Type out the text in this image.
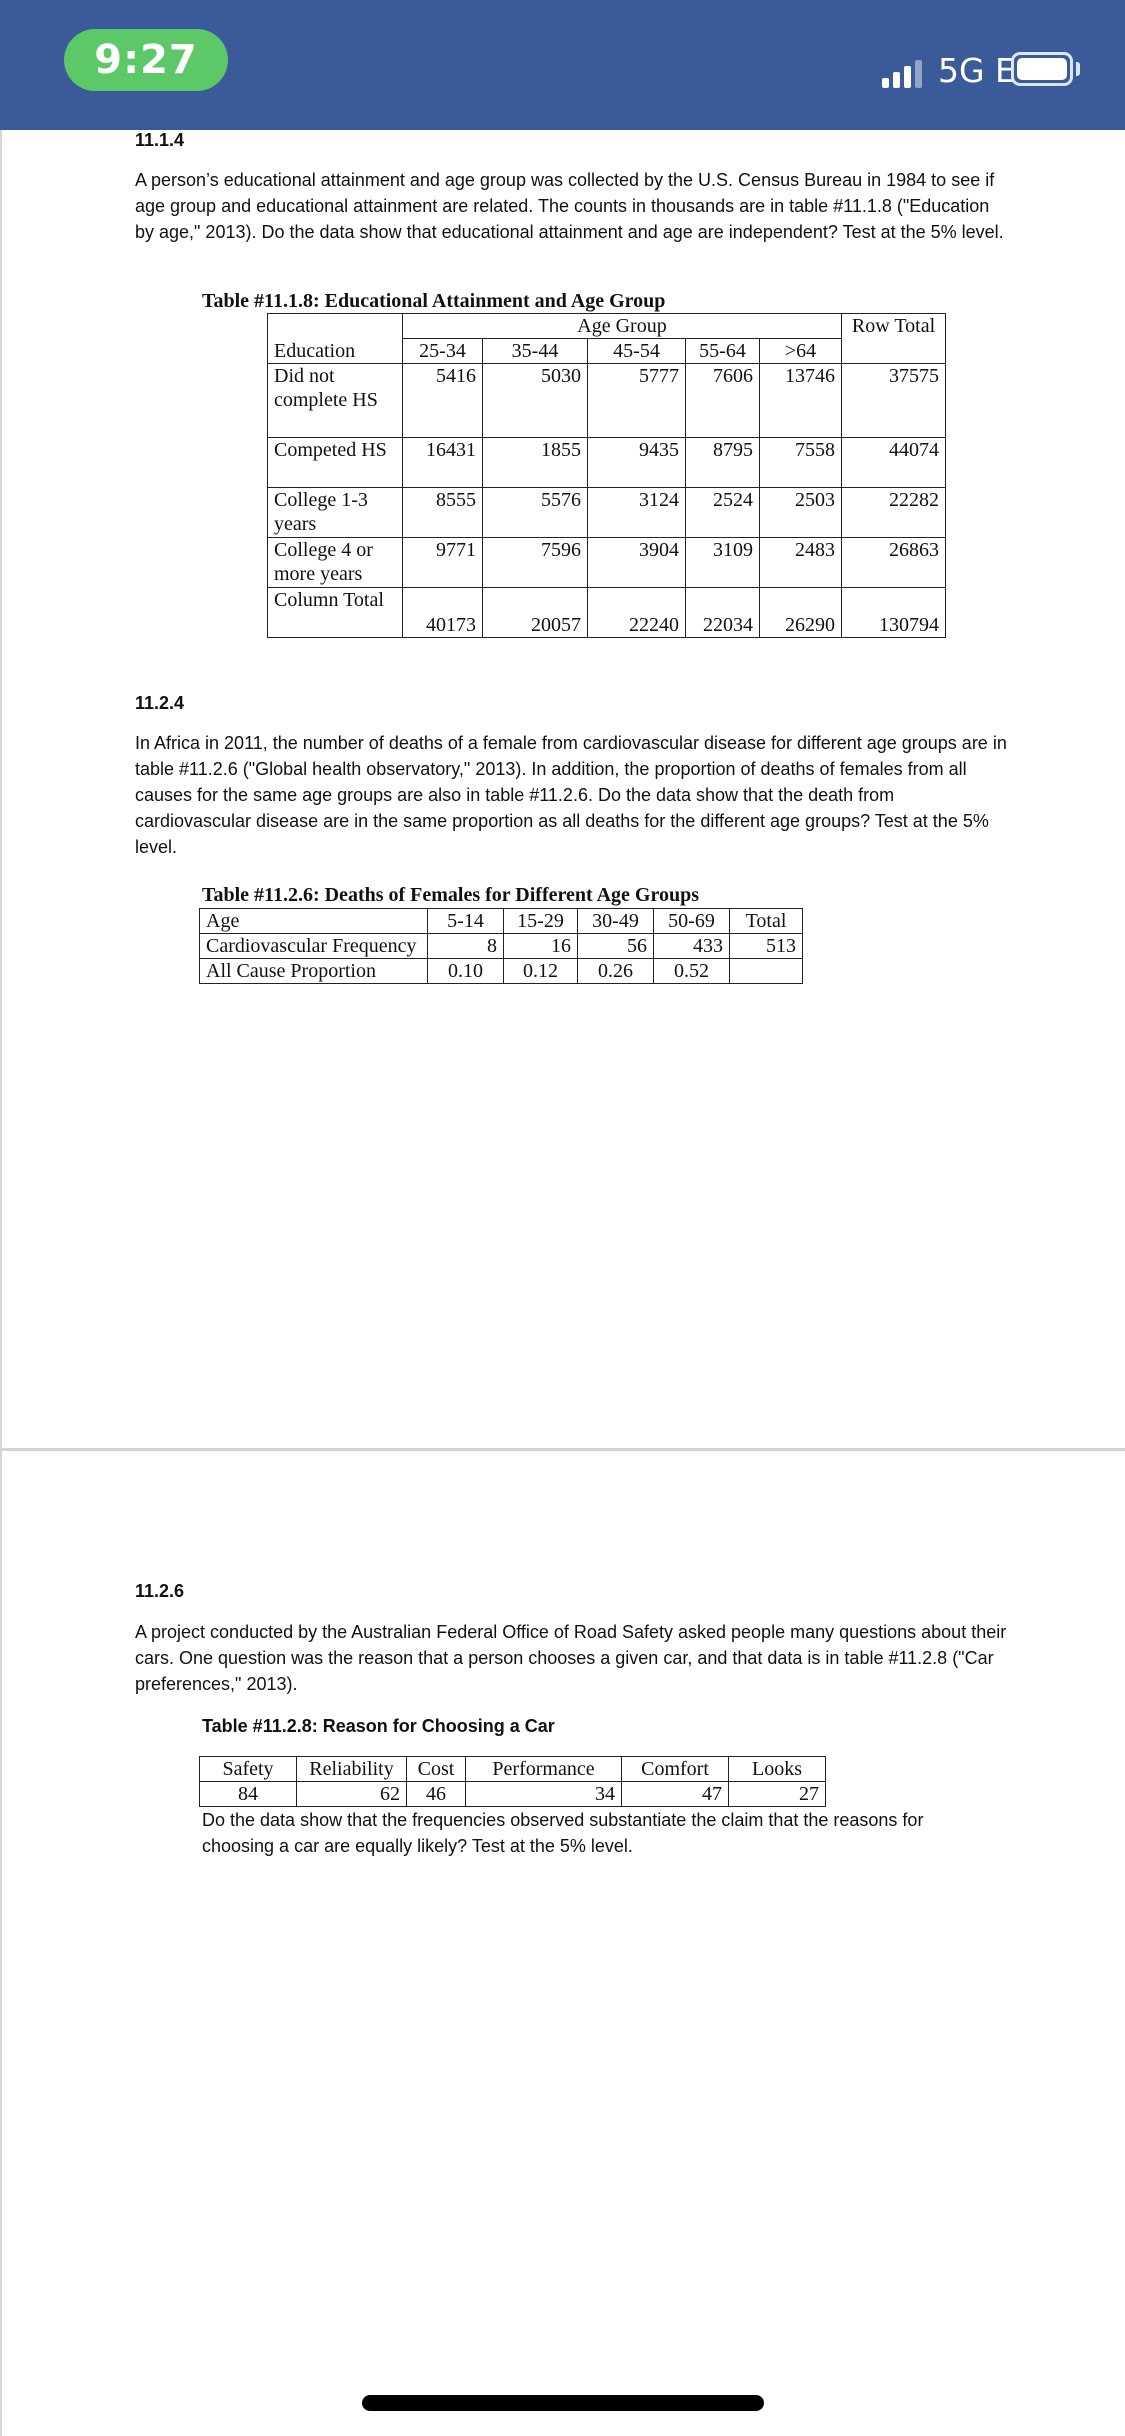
9:27	5G E
11.1.4

A person’s educational attainment and age group was collected by the U.S. Census Bureau in 1984 to see if age group and educational attainment are related. The counts in thousands are in table #11.1.8 ("Education by age," 2013). Do the data show that educational attainment and age are independent? Test at the 5% level.

Table #11.1.8: Educational Attainment and Age Group
	Age Group					Row Total
Education	25-34	35-44	45-54	55-64	>64	
Did not complete HS	5416	5030	5777	7606	13746	37575
Competed HS	16431	1855	9435	8795	7558	44074
College 1-3 years	8555	5576	3124	2524	2503	22282
College 4 or more years	9771	7596	3904	3109	2483	26863
Column Total	40173	20057	22240	22034	26290	130794
11.2.4

In Africa in 2011, the number of deaths of a female from cardiovascular disease for different age groups are in table #11.2.6 ("Global health observatory," 2013). In addition, the proportion of deaths of females from all causes for the same age groups are also in table #11.2.6. Do the data show that the death from cardiovascular disease are in the same proportion as all deaths for the different age groups? Test at the 5% level.

Table #11.2.6: Deaths of Females for Different Age Groups
Age	5-14	15-29	30-49	50-69	Total
Cardiovascular Frequency	8	16	56	433	513
All Cause Proportion	0.10	0.12	0.26	0.52	
11.2.6

A project conducted by the Australian Federal Office of Road Safety asked people many questions about their cars. One question was the reason that a person chooses a given car, and that data is in table #11.2.8 ("Car preferences," 2013).

Table #11.2.8: Reason for Choosing a Car
Safety	Reliability	Cost	Performance	Comfort	Looks
84	62	46	34	47	27

Do the data show that the frequencies observed substantiate the claim that the reasons for choosing a car are equally likely? Test at the 5% level.
